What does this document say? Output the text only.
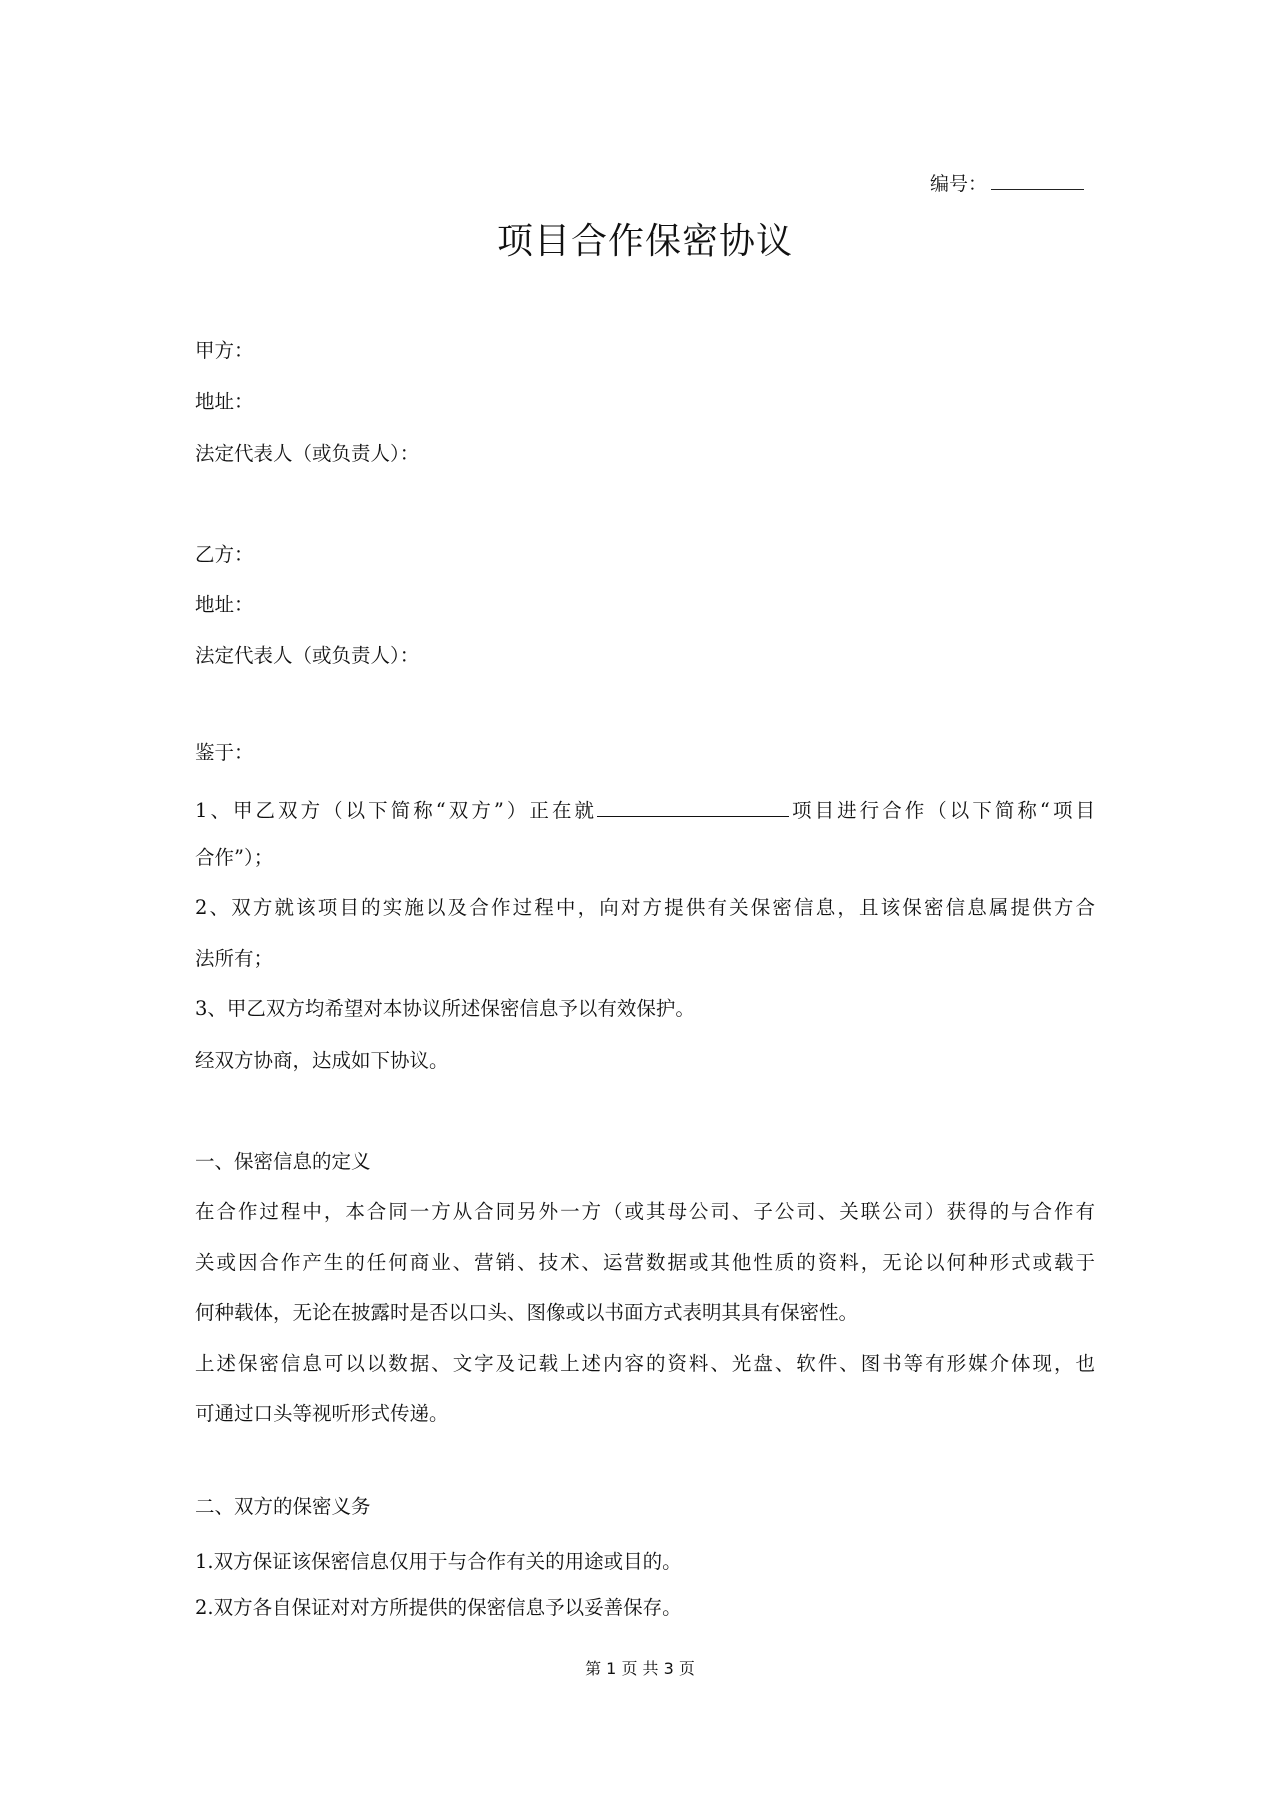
编号：
项目合作保密协议
甲方：
地址：
法定代表人（或负责人）：
乙方：
地址：
法定代表人（或负责人）：
鉴于：
1、甲乙双方（以下简称“双方”）正在就	项目进行合作（以下简称“项目
合作”）；
2、双方就该项目的实施以及合作过程中，向对方提供有关保密信息，且该保密信息属提供方合
法所有；
3、甲乙双方均希望对本协议所述保密信息予以有效保护。
经双方协商，达成如下协议。
一、保密信息的定义
在合作过程中，本合同一方从合同另外一方（或其母公司、子公司、关联公司）获得的与合作有
关或因合作产生的任何商业、营销、技术、运营数据或其他性质的资料，无论以何种形式或载于
何种载体，无论在披露时是否以口头、图像或以书面方式表明其具有保密性。
上述保密信息可以以数据、文字及记载上述内容的资料、光盘、软件、图书等有形媒介体现，也
可通过口头等视听形式传递。
二、双方的保密义务
1.双方保证该保密信息仅用于与合作有关的用途或目的。
2.双方各自保证对对方所提供的保密信息予以妥善保存。
第 1 页 共 3 页
